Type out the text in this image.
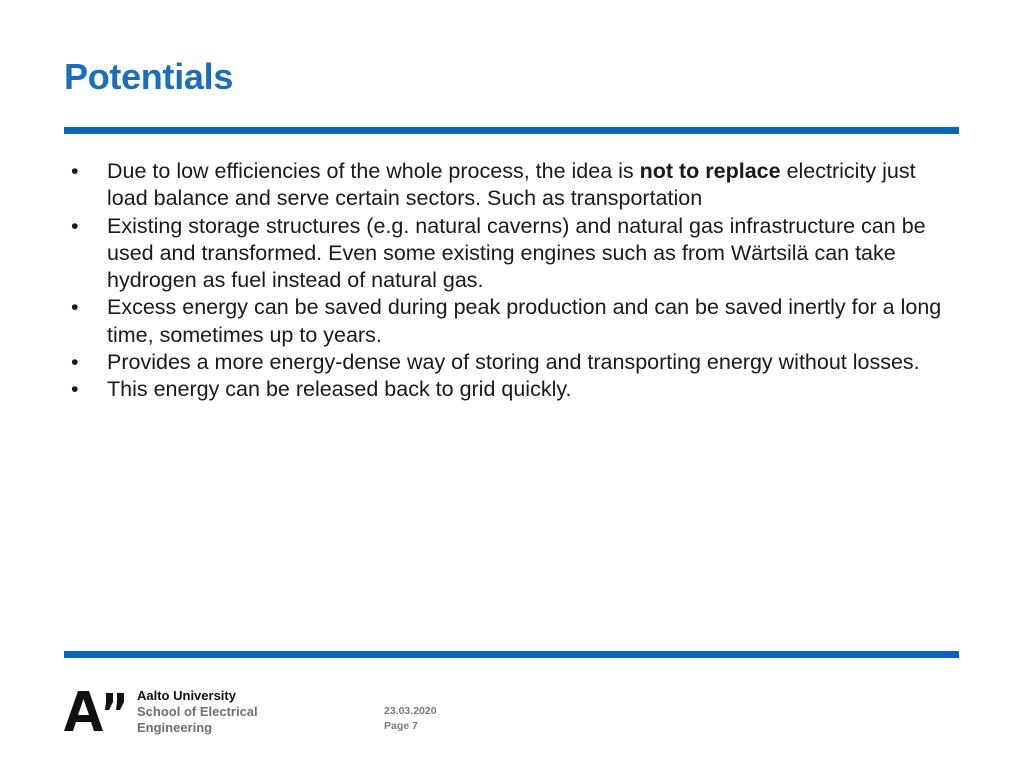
Potentials
• Due to low efficiencies of the whole process, the idea is not to replace electricity just load balance and serve certain sectors. Such as transportation
• Existing storage structures (e.g. natural caverns) and natural gas infrastructure can be used and transformed. Even some existing engines such as from Wärtsilä can take hydrogen as fuel instead of natural gas.
• Excess energy can be saved during peak production and can be saved inertly for a long time, sometimes up to years.
• Provides a more energy-dense way of storing and transporting energy without losses.
• This energy can be released back to grid quickly.
Aalto University
School of Electrical
Engineering
23.03.2020
Page 7
